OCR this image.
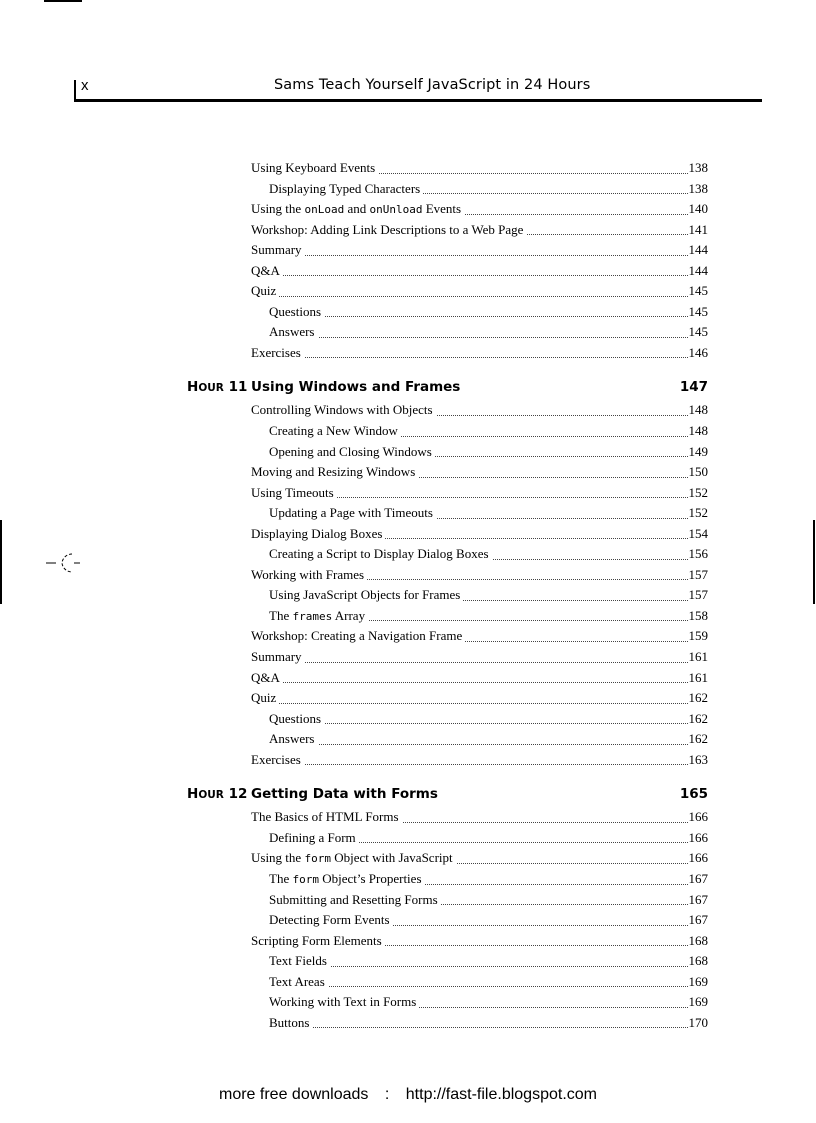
x	Sams Teach Yourself JavaScript in 24 Hours
Using Keyboard Events	138
Displaying Typed Characters	138
Using the onLoad and onUnload Events	140
Workshop: Adding Link Descriptions to a Web Page	141
Summary	144
Q&A	144
Quiz	145
Questions	145
Answers	145
Exercises	146
HOUR 11 Using Windows and Frames	147
Controlling Windows with Objects	148
Creating a New Window	148
Opening and Closing Windows	149
Moving and Resizing Windows	150
Using Timeouts	152
Updating a Page with Timeouts	152
Displaying Dialog Boxes	154
Creating a Script to Display Dialog Boxes	156
Working with Frames	157
Using JavaScript Objects for Frames	157
The frames Array	158
Workshop: Creating a Navigation Frame	159
Summary	161
Q&A	161
Quiz	162
Questions	162
Answers	162
Exercises	163
HOUR 12 Getting Data with Forms	165
The Basics of HTML Forms	166
Defining a Form	166
Using the form Object with JavaScript	166
The form Object’s Properties	167
Submitting and Resetting Forms	167
Detecting Form Events	167
Scripting Form Elements	168
Text Fields	168
Text Areas	169
Working with Text in Forms	169
Buttons	170
more free downloads : http://fast-file.blogspot.com
